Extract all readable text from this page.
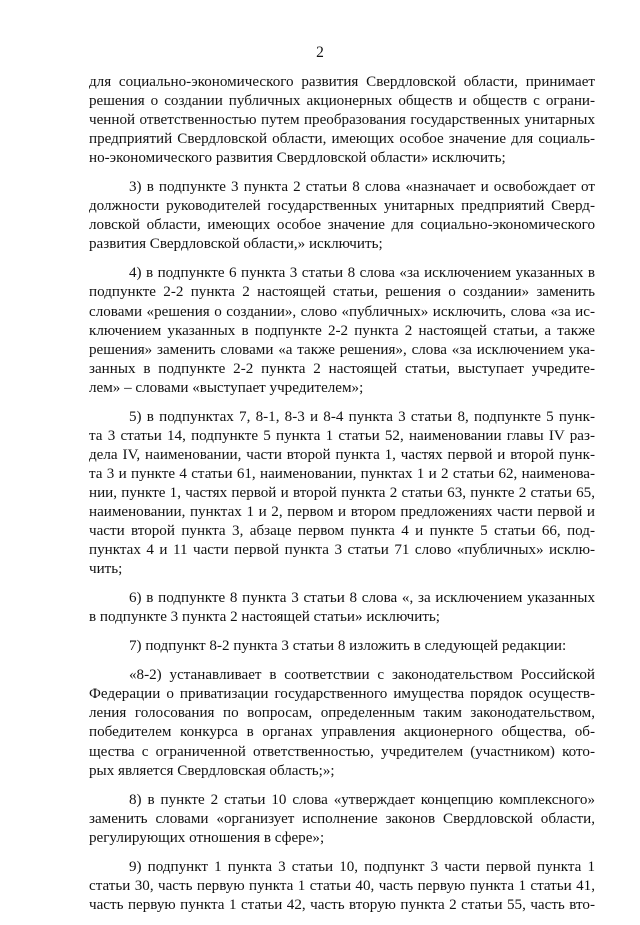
2
для социально-экономического развития Свердловской области, принимает
решения о создании публичных акционерных обществ и обществ с ограни-
ченной ответственностью путем преобразования государственных унитарных
предприятий Свердловской области, имеющих особое значение для социаль-
но-экономического развития Свердловской области» исключить;
3) в подпункте 3 пункта 2 статьи 8 слова «назначает и освобождает от
должности руководителей государственных унитарных предприятий Сверд-
ловской области, имеющих особое значение для социально-экономического
развития Свердловской области,» исключить;
4) в подпункте 6 пункта 3 статьи 8 слова «за исключением указанных в
подпункте 2-2 пункта 2 настоящей статьи, решения о создании» заменить
словами «решения о создании», слово «публичных» исключить, слова «за ис-
ключением указанных в подпункте 2-2 пункта 2 настоящей статьи, а также
решения» заменить словами «а также решения», слова «за исключением ука-
занных в подпункте 2-2 пункта 2 настоящей статьи, выступает учредите-
лем» – словами «выступает учредителем»;
5) в подпунктах 7, 8-1, 8-3 и 8-4 пункта 3 статьи 8, подпункте 5 пунк-
та 3 статьи 14, подпункте 5 пункта 1 статьи 52, наименовании главы IV раз-
дела IV, наименовании, части второй пункта 1, частях первой и второй пунк-
та 3 и пункте 4 статьи 61, наименовании, пунктах 1 и 2 статьи 62, наименова-
нии, пункте 1, частях первой и второй пункта 2 статьи 63, пункте 2 статьи 65,
наименовании, пунктах 1 и 2, первом и втором предложениях части первой и
части второй пункта 3, абзаце первом пункта 4 и пункте 5 статьи 66, под-
пунктах 4 и 11 части первой пункта 3 статьи 71 слово «публичных» исклю-
чить;
6) в подпункте 8 пункта 3 статьи 8 слова «, за исключением указанных
в подпункте 3 пункта 2 настоящей статьи» исключить;
7) подпункт 8-2 пункта 3 статьи 8 изложить в следующей редакции:
«8-2) устанавливает в соответствии с законодательством Российской
Федерации о приватизации государственного имущества порядок осуществ-
ления голосования по вопросам, определенным таким законодательством,
победителем конкурса в органах управления акционерного общества, об-
щества с ограниченной ответственностью, учредителем (участником) кото-
рых является Свердловская область;»;
8) в пункте 2 статьи 10 слова «утверждает концепцию комплексного»
заменить словами «организует исполнение законов Свердловской области,
регулирующих отношения в сфере»;
9) подпункт 1 пункта 3 статьи 10, подпункт 3 части первой пункта 1
статьи 30, часть первую пункта 1 статьи 40, часть первую пункта 1 статьи 41,
часть первую пункта 1 статьи 42, часть вторую пункта 2 статьи 55, часть вто-
